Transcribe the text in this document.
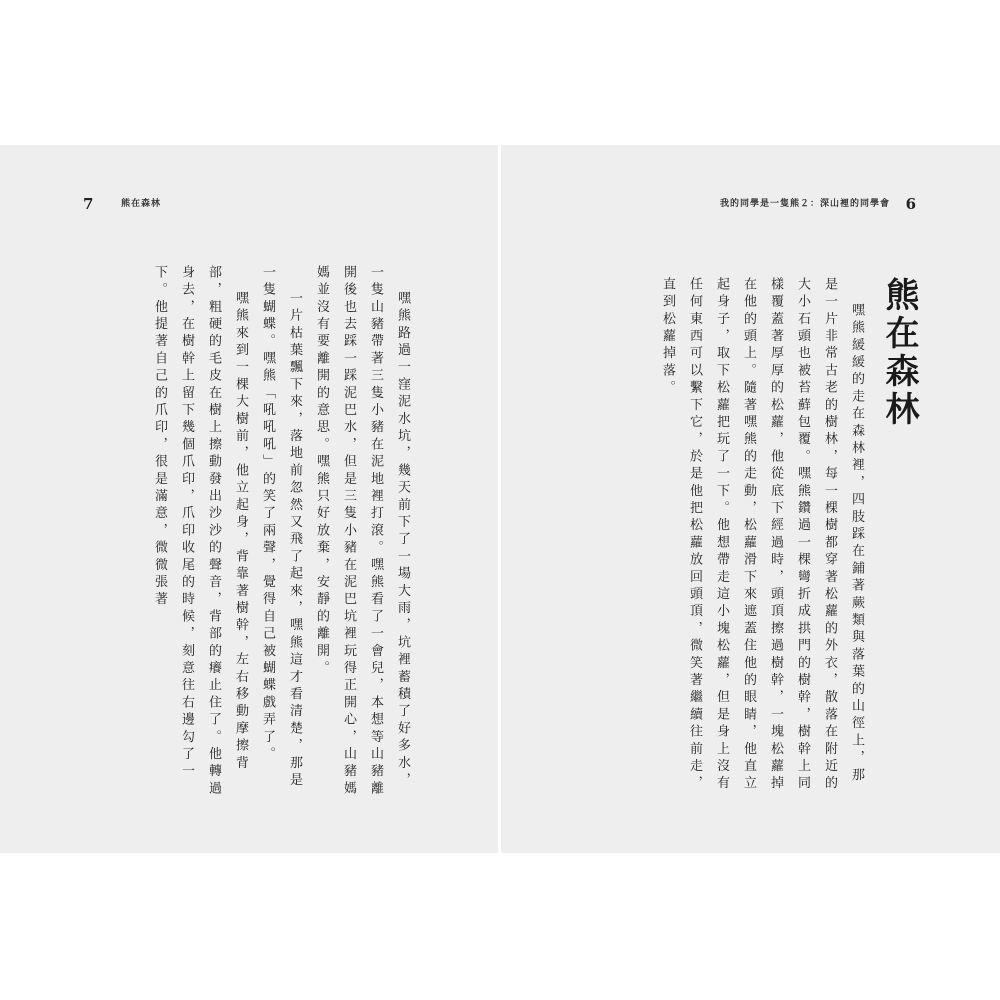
7	熊在森林

嘿熊路過一窪泥水坑，幾天前下了一場大雨，坑裡蓄積了好多水，一隻山豬帶著三隻小豬在泥地裡打滾。嘿熊看了一會兒，本想等山豬離開後也去踩一踩泥巴水，但是三隻小豬在泥巴坑裡玩得正開心，山豬媽媽並沒有要離開的意思。嘿熊只好放棄，安靜的離開。

一片枯葉飄下來，落地前忽然又飛了起來，嘿熊這才看清楚，那是一隻蝴蝶。嘿熊「吼吼吼」的笑了兩聲，覺得自己被蝴蝶戲弄了。

嘿熊來到一棵大樹前，他立起身，背靠著樹幹，左右移動摩擦背部，粗硬的毛皮在樹上擦動發出沙沙的聲音，背部的癢止住了。他轉過身去，在樹幹上留下幾個爪印，爪印收尾的時候，刻意往右邊勾了一下。他提著自己的爪印，很是滿意，微微張著

我的同學是一隻熊２：深山裡的同學會 6
熊在森林

嘿熊緩緩的走在森林裡，四肢踩在鋪著蕨類與落葉的山徑上，那是一片非常古老的樹林，每一棵樹都穿著松蘿的外衣，散落在附近的大小石頭也被苔蘚包覆。嘿熊鑽過一棵彎折成拱門的樹幹，樹幹上同樣覆蓋著厚厚的松蘿，他從底下經過時，頭頂擦過樹幹，一塊松蘿掉在他的頭上。隨著嘿熊的走動，松蘿滑下來遮蓋住他的眼睛，他直立起身子，取下松蘿把玩了一下。他想帶走這小塊松蘿，但是身上沒有任何東西可以繫下它，於是他把松蘿放回頭頂，微笑著繼續往前走，直到松蘿掉落。
